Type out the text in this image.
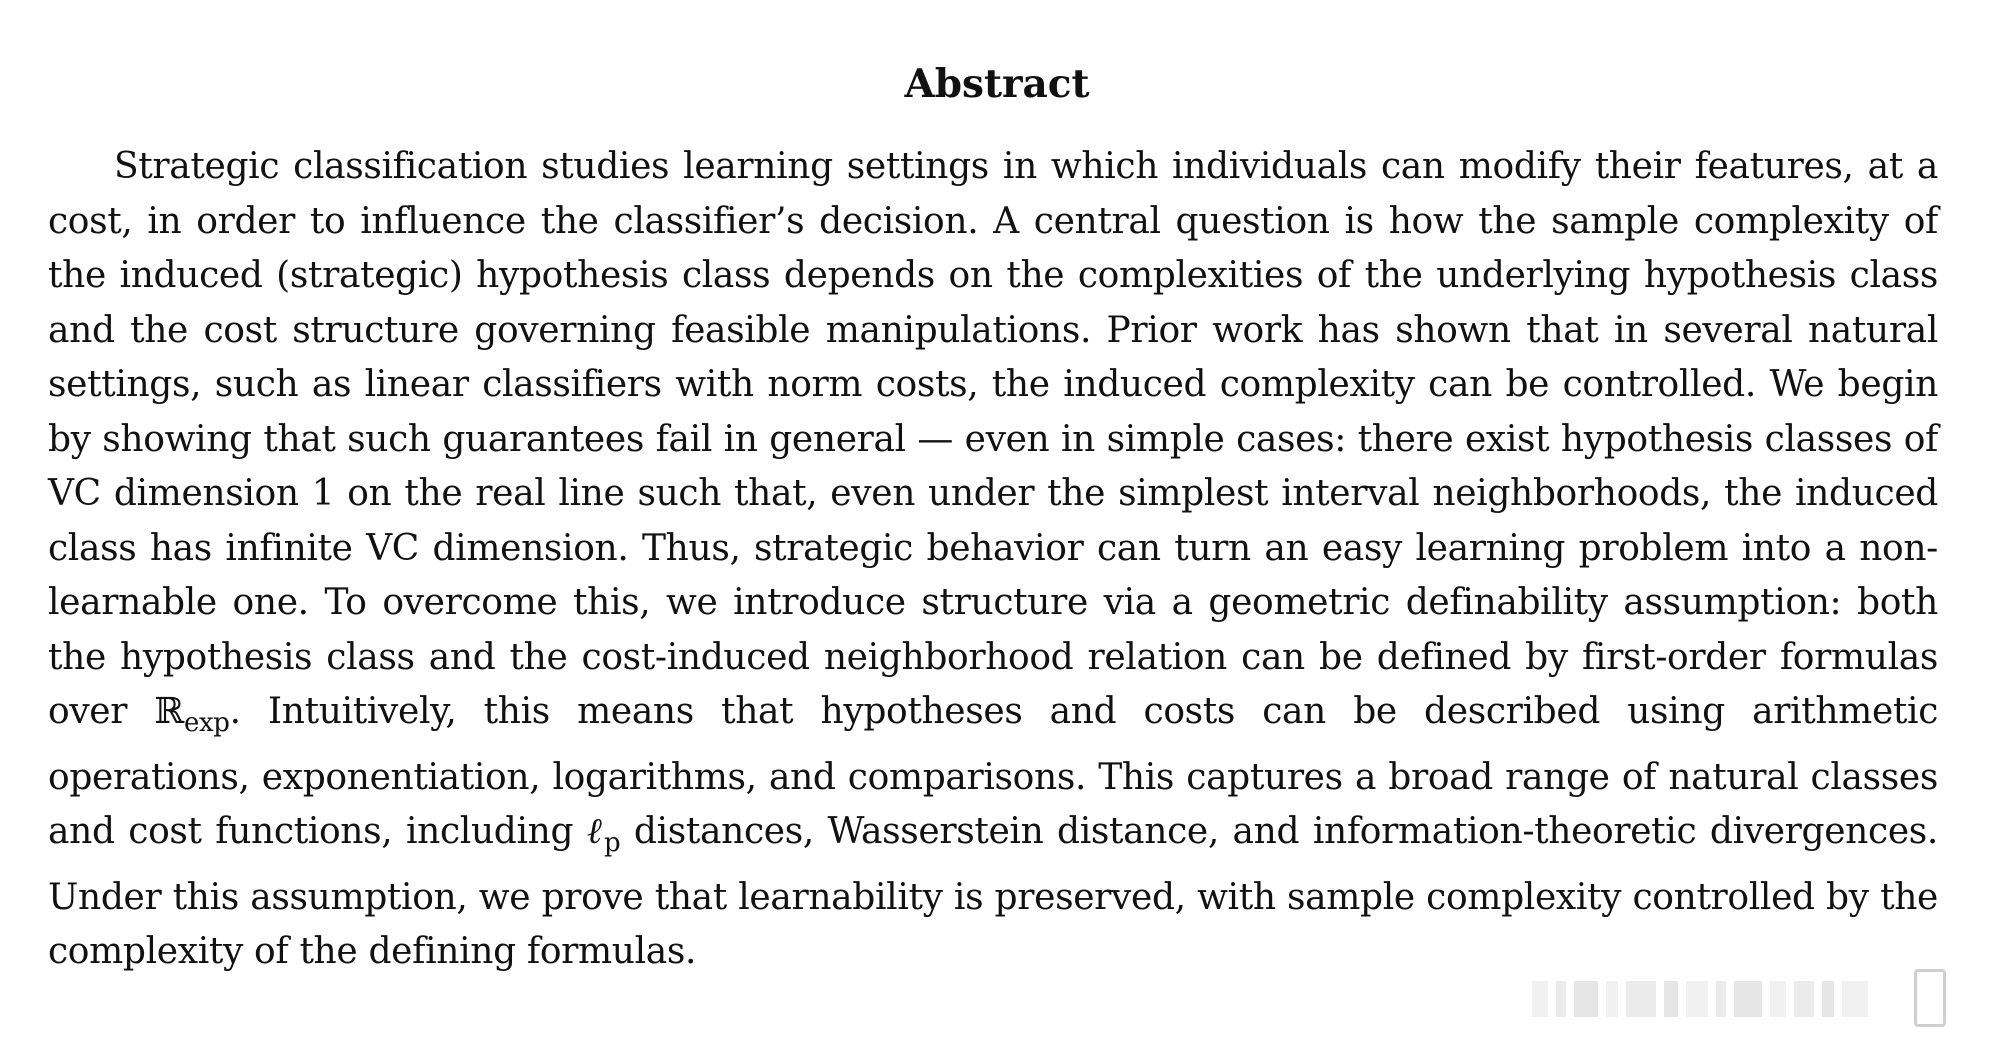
Abstract

Strategic classification studies learning settings in which individuals can modify their features, at a cost, in order to influence the classifier’s decision. A central question is how the sample complexity of the induced (strategic) hypothesis class depends on the complexities of the underlying hypothesis class and the cost structure governing feasible manipulations. Prior work has shown that in several natural settings, such as linear classifiers with norm costs, the induced complexity can be controlled. We begin by showing that such guarantees fail in general — even in simple cases: there exist hypothesis classes of VC dimension 1 on the real line such that, even under the simplest interval neighborhoods, the induced class has infinite VC dimension. Thus, strategic behavior can turn an easy learning problem into a non-learnable one. To overcome this, we introduce structure via a geometric definability assumption: both the hypothesis class and the cost-induced neighborhood relation can be defined by first-order formulas over ℝ$_{exp}$. Intuitively, this means that hypotheses and costs can be described using arithmetic operations, exponentiation, logarithms, and comparisons. This captures a broad range of natural classes and cost functions, including ℓ$_p$ distances, Wasserstein distance, and information-theoretic divergences. Under this assumption, we prove that learnability is preserved, with sample complexity controlled by the complexity of the defining formulas.
